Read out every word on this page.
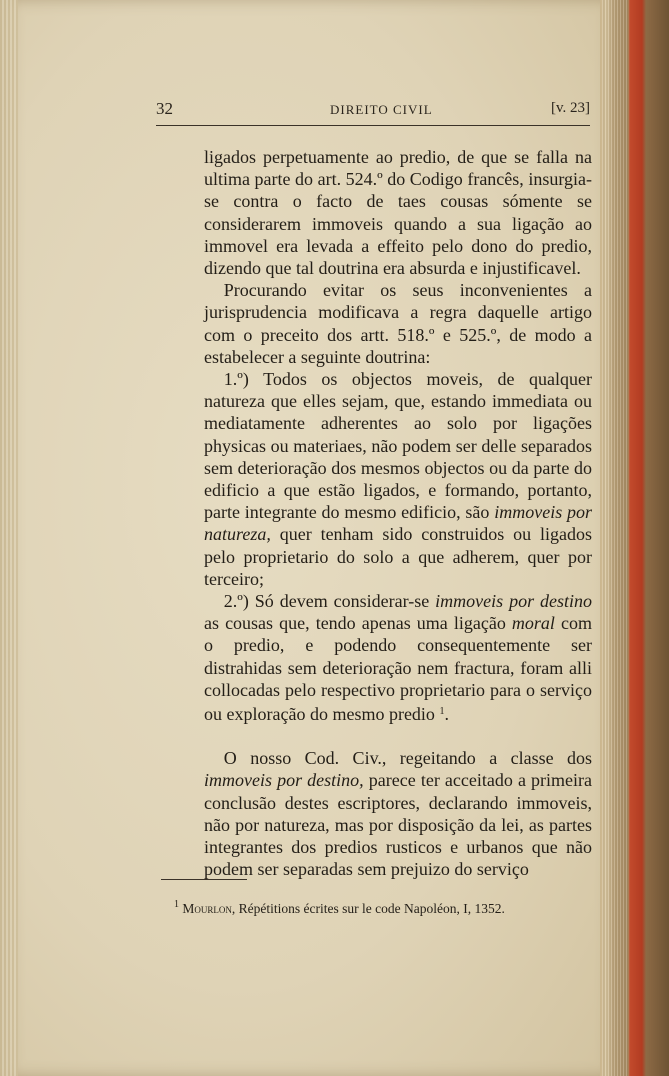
32	DIREITO CIVIL	[v. 23]

ligados perpetuamente ao predio, de que se falla na ultima parte do art. 524.º do Codigo francês, insurgia-se contra o facto de taes cousas sómente se considerarem immoveis quando a sua ligação ao immovel era levada a effeito pelo dono do predio, dizendo que tal doutrina era absurda e injustificavel.

Procurando evitar os seus inconvenientes a jurisprudencia modificava a regra daquelle artigo com o preceito dos artt. 518.º e 525.º, de modo a estabelecer a seguinte doutrina:

1.º) Todos os objectos moveis, de qualquer natureza que elles sejam, que, estando immediata ou mediatamente adherentes ao solo por ligações physicas ou materiaes, não podem ser delle separados sem deterioração dos mesmos objectos ou da parte do edificio a que estão ligados, e formando, portanto, parte integrante do mesmo edificio, são immoveis por natureza, quer tenham sido construidos ou ligados pelo proprietario do solo a que adherem, quer por terceiro;

2.º) Só devem considerar-se immoveis por destino as cousas que, tendo apenas uma ligação moral com o predio, e podendo consequentemente ser distrahidas sem deterioração nem fractura, foram alli collocadas pelo respectivo proprietario para o serviço ou exploração do mesmo predio $^1$.

O nosso Cod. Civ., regeitando a classe dos immoveis por destino, parece ter acceitado a primeira conclusão destes escriptores, declarando immoveis, não por natureza, mas por disposição da lei, as partes integrantes dos predios rusticos e urbanos que não podem ser separadas sem prejuizo do serviço

$^1$ Mourlon, Répétitions écrites sur le code Napoléon, I, 1352.
